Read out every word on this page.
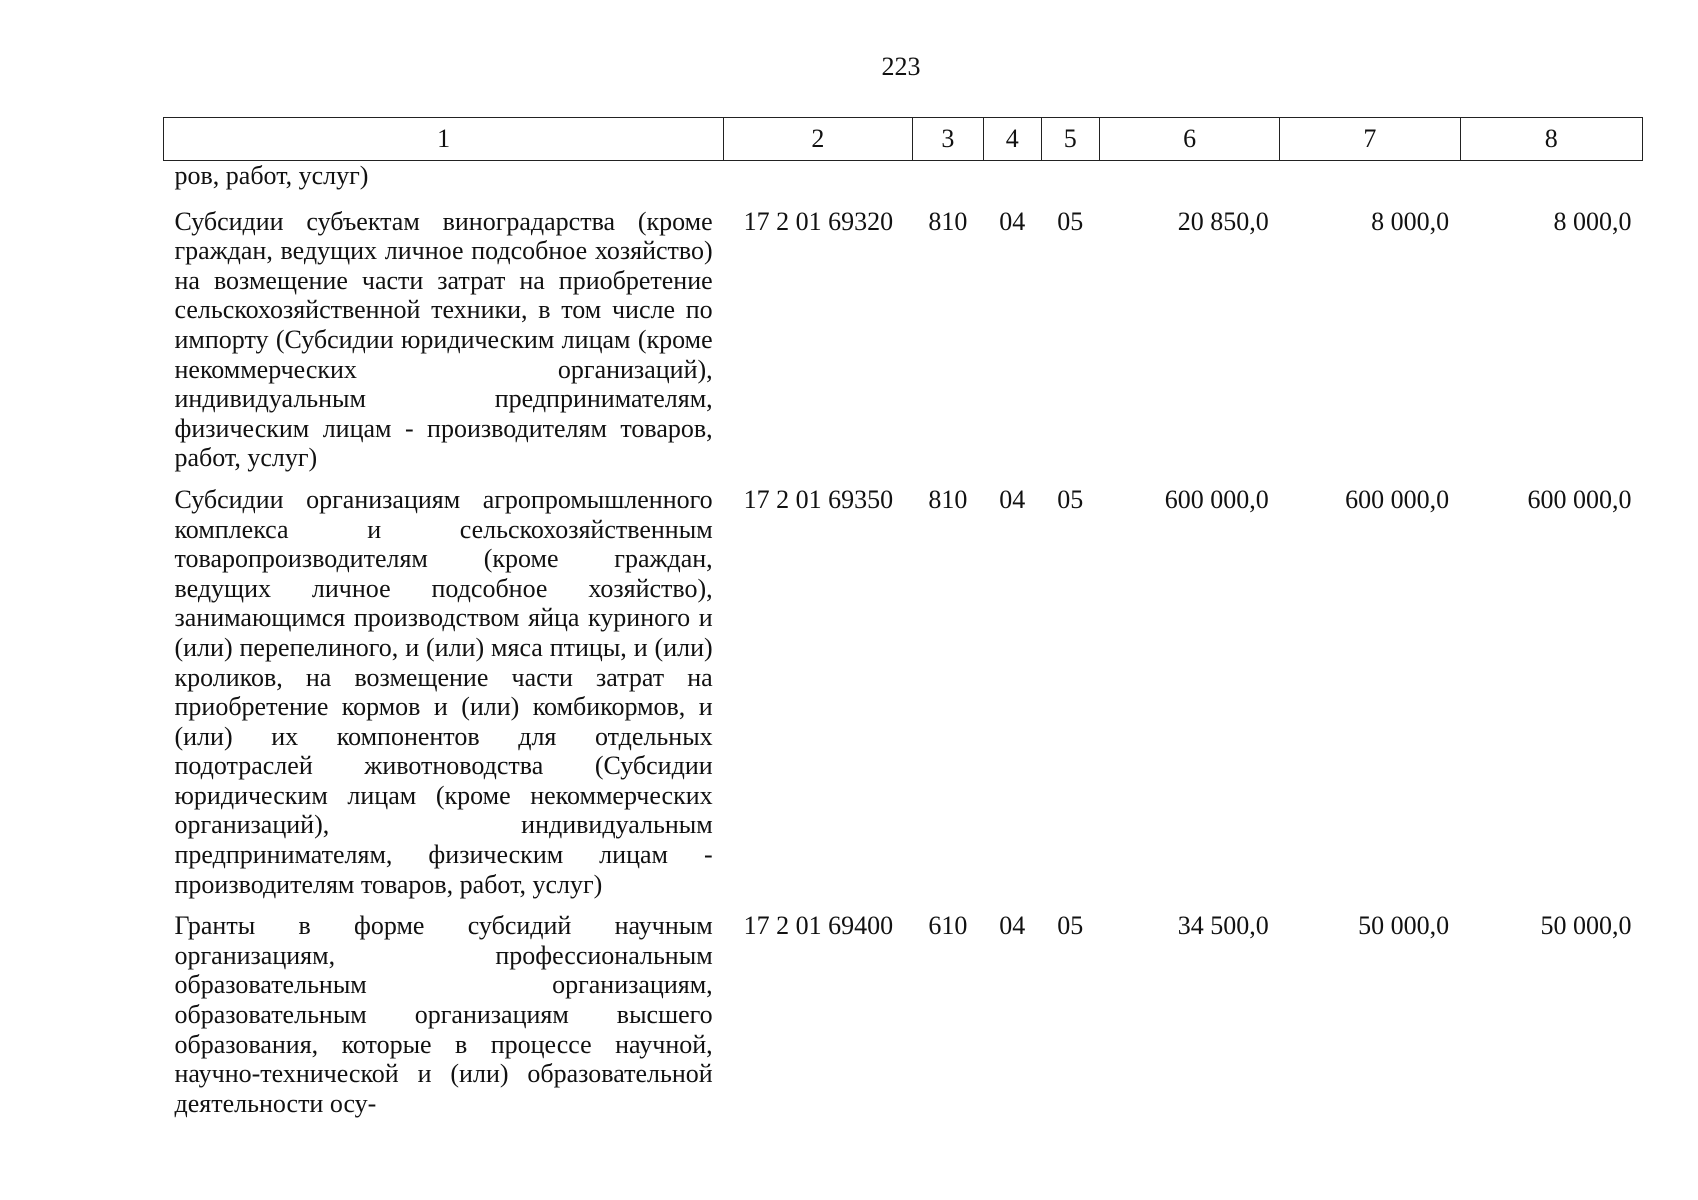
223
1	2	3	4	5	6	7	8
ров, работ, услуг)							
Субсидии субъектам виноградарства (кроме граждан, ведущих личное подсобное хозяйство) на возмещение части затрат на приобретение сельскохозяйственной техники, в том числе по импорту (Субсидии юридическим лицам (кроме некоммерческих организаций), индивидуальным предпринимателям, физическим лицам - производителям товаров, работ, услуг)	17 2 01 69320	810	04	05	20 850,0	8 000,0	8 000,0
Субсидии организациям агропромышленного комплекса и сельскохозяйственным товаропроизводителям (кроме граждан, ведущих личное подсобное хозяйство), занимающимся производством яйца куриного и (или) перепелиного, и (или) мяса птицы, и (или) кроликов, на возмещение части затрат на приобретение кормов и (или) комбикормов, и (или) их компонентов для отдельных подотраслей животноводства (Субсидии юридическим лицам (кроме некоммерческих организаций), индивидуальным предпринимателям, физическим лицам - производителям товаров, работ, услуг)	17 2 01 69350	810	04	05	600 000,0	600 000,0	600 000,0
Гранты в форме субсидий научным организациям, профессиональным образовательным организациям, образовательным организациям высшего образования, которые в процессе научной, научно-технической и (или) образовательной деятельности осу-	17 2 01 69400	610	04	05	34 500,0	50 000,0	50 000,0
